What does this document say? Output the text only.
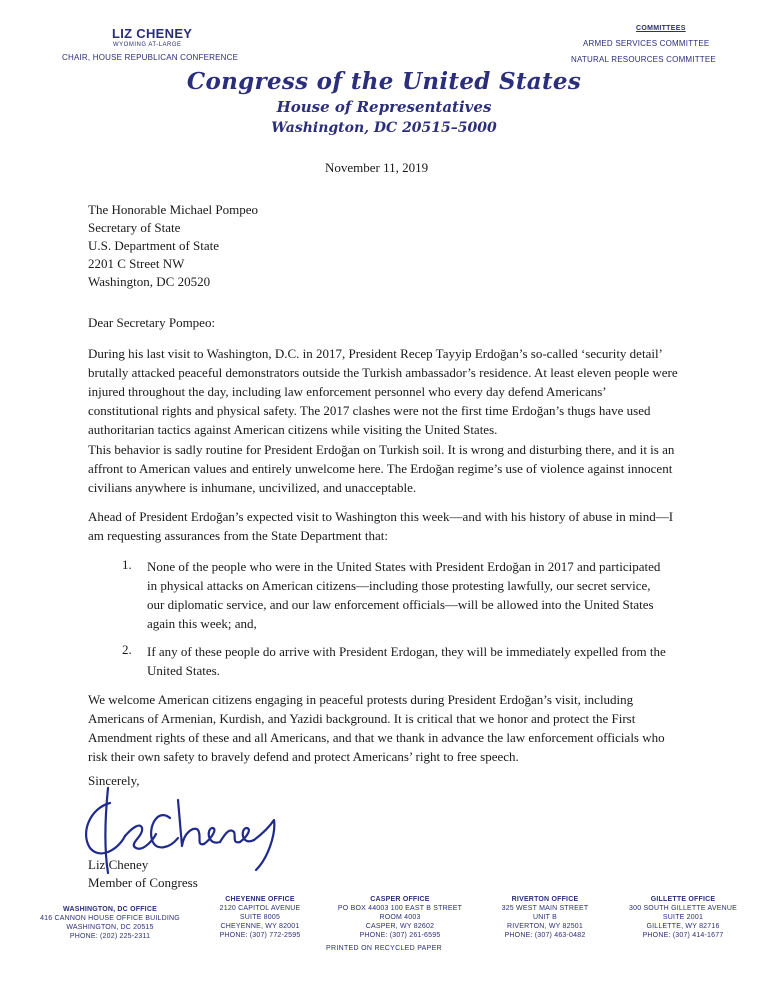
LIZ CHENEY
WYOMING AT-LARGE
CHAIR, HOUSE REPUBLICAN CONFERENCE
COMMITTEES
ARMED SERVICES COMMITTEE
NATURAL RESOURCES COMMITTEE
Congress of the United States
House of Representatives
Washington, DC 20515–5000
November 11, 2019
The Honorable Michael Pompeo
Secretary of State
U.S. Department of State
2201 C Street NW
Washington, DC 20520
Dear Secretary Pompeo:

During his last visit to Washington, D.C. in 2017, President Recep Tayyip Erdoğan’s so-called ‘security detail’ brutally attacked peaceful demonstrators outside the Turkish ambassador’s residence. At least eleven people were injured throughout the day, including law enforcement personnel who every day defend Americans’ constitutional rights and physical safety. The 2017 clashes were not the first time Erdoğan’s thugs have used authoritarian tactics against American citizens while visiting the United States.

This behavior is sadly routine for President Erdoğan on Turkish soil. It is wrong and disturbing there, and it is an affront to American values and entirely unwelcome here. The Erdoğan regime’s use of violence against innocent civilians anywhere is inhumane, uncivilized, and unacceptable.

Ahead of President Erdoğan’s expected visit to Washington this week—and with his history of abuse in mind—I am requesting assurances from the State Department that:

1. None of the people who were in the United States with President Erdoğan in 2017 and participated in physical attacks on American citizens—including those protesting lawfully, our secret service, our diplomatic service, and our law enforcement officials—will be allowed into the United States again this week; and,

2. If any of these people do arrive with President Erdogan, they will be immediately expelled from the United States.

We welcome American citizens engaging in peaceful protests during President Erdoğan’s visit, including Americans of Armenian, Kurdish, and Yazidi background. It is critical that we honor and protect the First Amendment rights of these and all Americans, and that we thank in advance the law enforcement officials who risk their own safety to bravely defend and protect Americans’ right to free speech.

Sincerely,
Liz Cheney
Member of Congress
WASHINGTON, DC OFFICE
416 CANNON HOUSE OFFICE BUILDING
WASHINGTON, DC 20515
PHONE: (202) 225-2311
CHEYENNE OFFICE
2120 CAPITOL AVENUE
SUITE 8005
CHEYENNE, WY 82001
PHONE: (307) 772-2595
CASPER OFFICE
PO BOX 44003 100 EAST B STREET
ROOM 4003
CASPER, WY 82602
PHONE: (307) 261-6595
RIVERTON OFFICE
325 WEST MAIN STREET
UNIT B
RIVERTON, WY 82501
PHONE: (307) 463-0482
GILLETTE OFFICE
300 SOUTH GILLETTE AVENUE
SUITE 2001
GILLETTE, WY 82716
PHONE: (307) 414-1677
PRINTED ON RECYCLED PAPER
